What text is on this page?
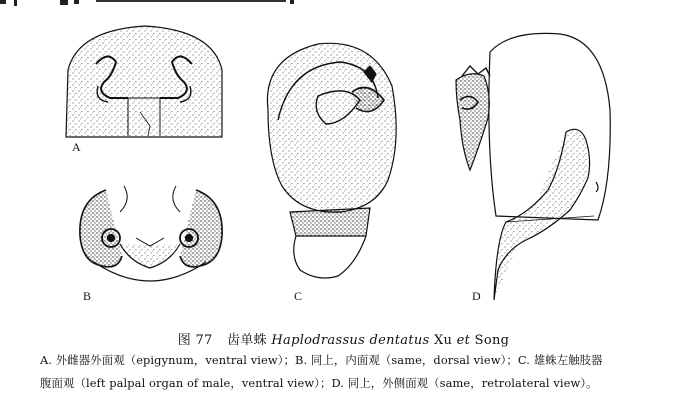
A
B	C	D
图 77 齿单蛛 Haplodrassus dentatus Xu et Song
A. 外雌器外面观（epigynum，ventral view）；B. 同上，内面观（same，dorsal view）；C. 雄蛛左触肢器
腹面观（left palpal organ of male，ventral view）；D. 同上，外侧面观（same，retrolateral view）。
